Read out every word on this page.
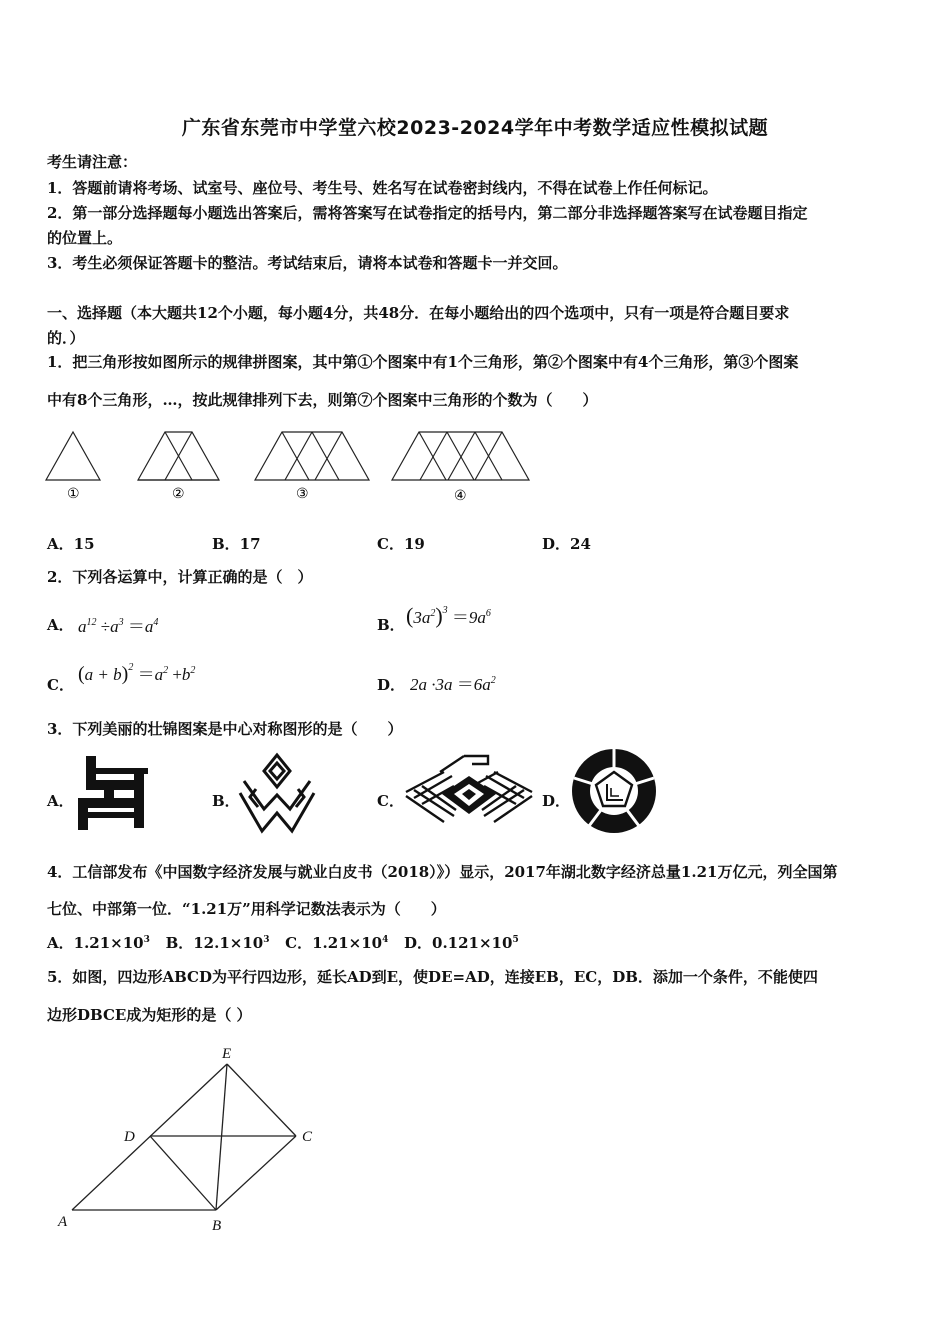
广东省东莞市中学堂六校2023-2024学年中考数学适应性模拟试题
考生请注意：
1．答题前请将考场、试室号、座位号、考生号、姓名写在试卷密封线内，不得在试卷上作任何标记。
2．第一部分选择题每小题选出答案后，需将答案写在试卷指定的括号内，第二部分非选择题答案写在试卷题目指定
的位置上。
3．考生必须保证答题卡的整洁。考试结束后，请将本试卷和答题卡一并交回。
一、选择题（本大题共12个小题，每小题4分，共48分．在每小题给出的四个选项中，只有一项是符合题目要求
的．）
1．把三角形按如图所示的规律拼图案，其中第①个图案中有1个三角形，第②个图案中有4个三角形，第③个图案
中有8个三角形，…，按此规律排列下去，则第⑦个图案中三角形的个数为（　　）
①	②	③	④
A．15	B．17	C．19	D．24
2．下列各运算中，计算正确的是（　）
A． $a^{12} \div a^3 =a^4$	B． $(3a^2)^3 =9a^6$
C． $(a + b)^2 =a^2 +b^2$
D． $2a \cdot 3a =6a^2$
3．下列美丽的壮锦图案是中心对称图形的是（　　）
A．	B．	C．	D．
4．工信部发布《中国数字经济发展与就业白皮书（2018）》）显示，2017年湖北数字经济总量1.21万亿元，列全国第
七位、中部第一位．“1.21万”用科学记数法表示为（　　）
A．$1.21\times 10^3$ B．$12.1\times 10^3$ C．$1.21\times 10^4$ D．$0.121\times 10^5$
5．如图，四边形ABCD为平行四边形，延长AD到E，使DE=AD，连接EB，EC，DB．添加一个条件，不能使四
边形DBCE成为矩形的是（ ）
E
D	C
A	B
